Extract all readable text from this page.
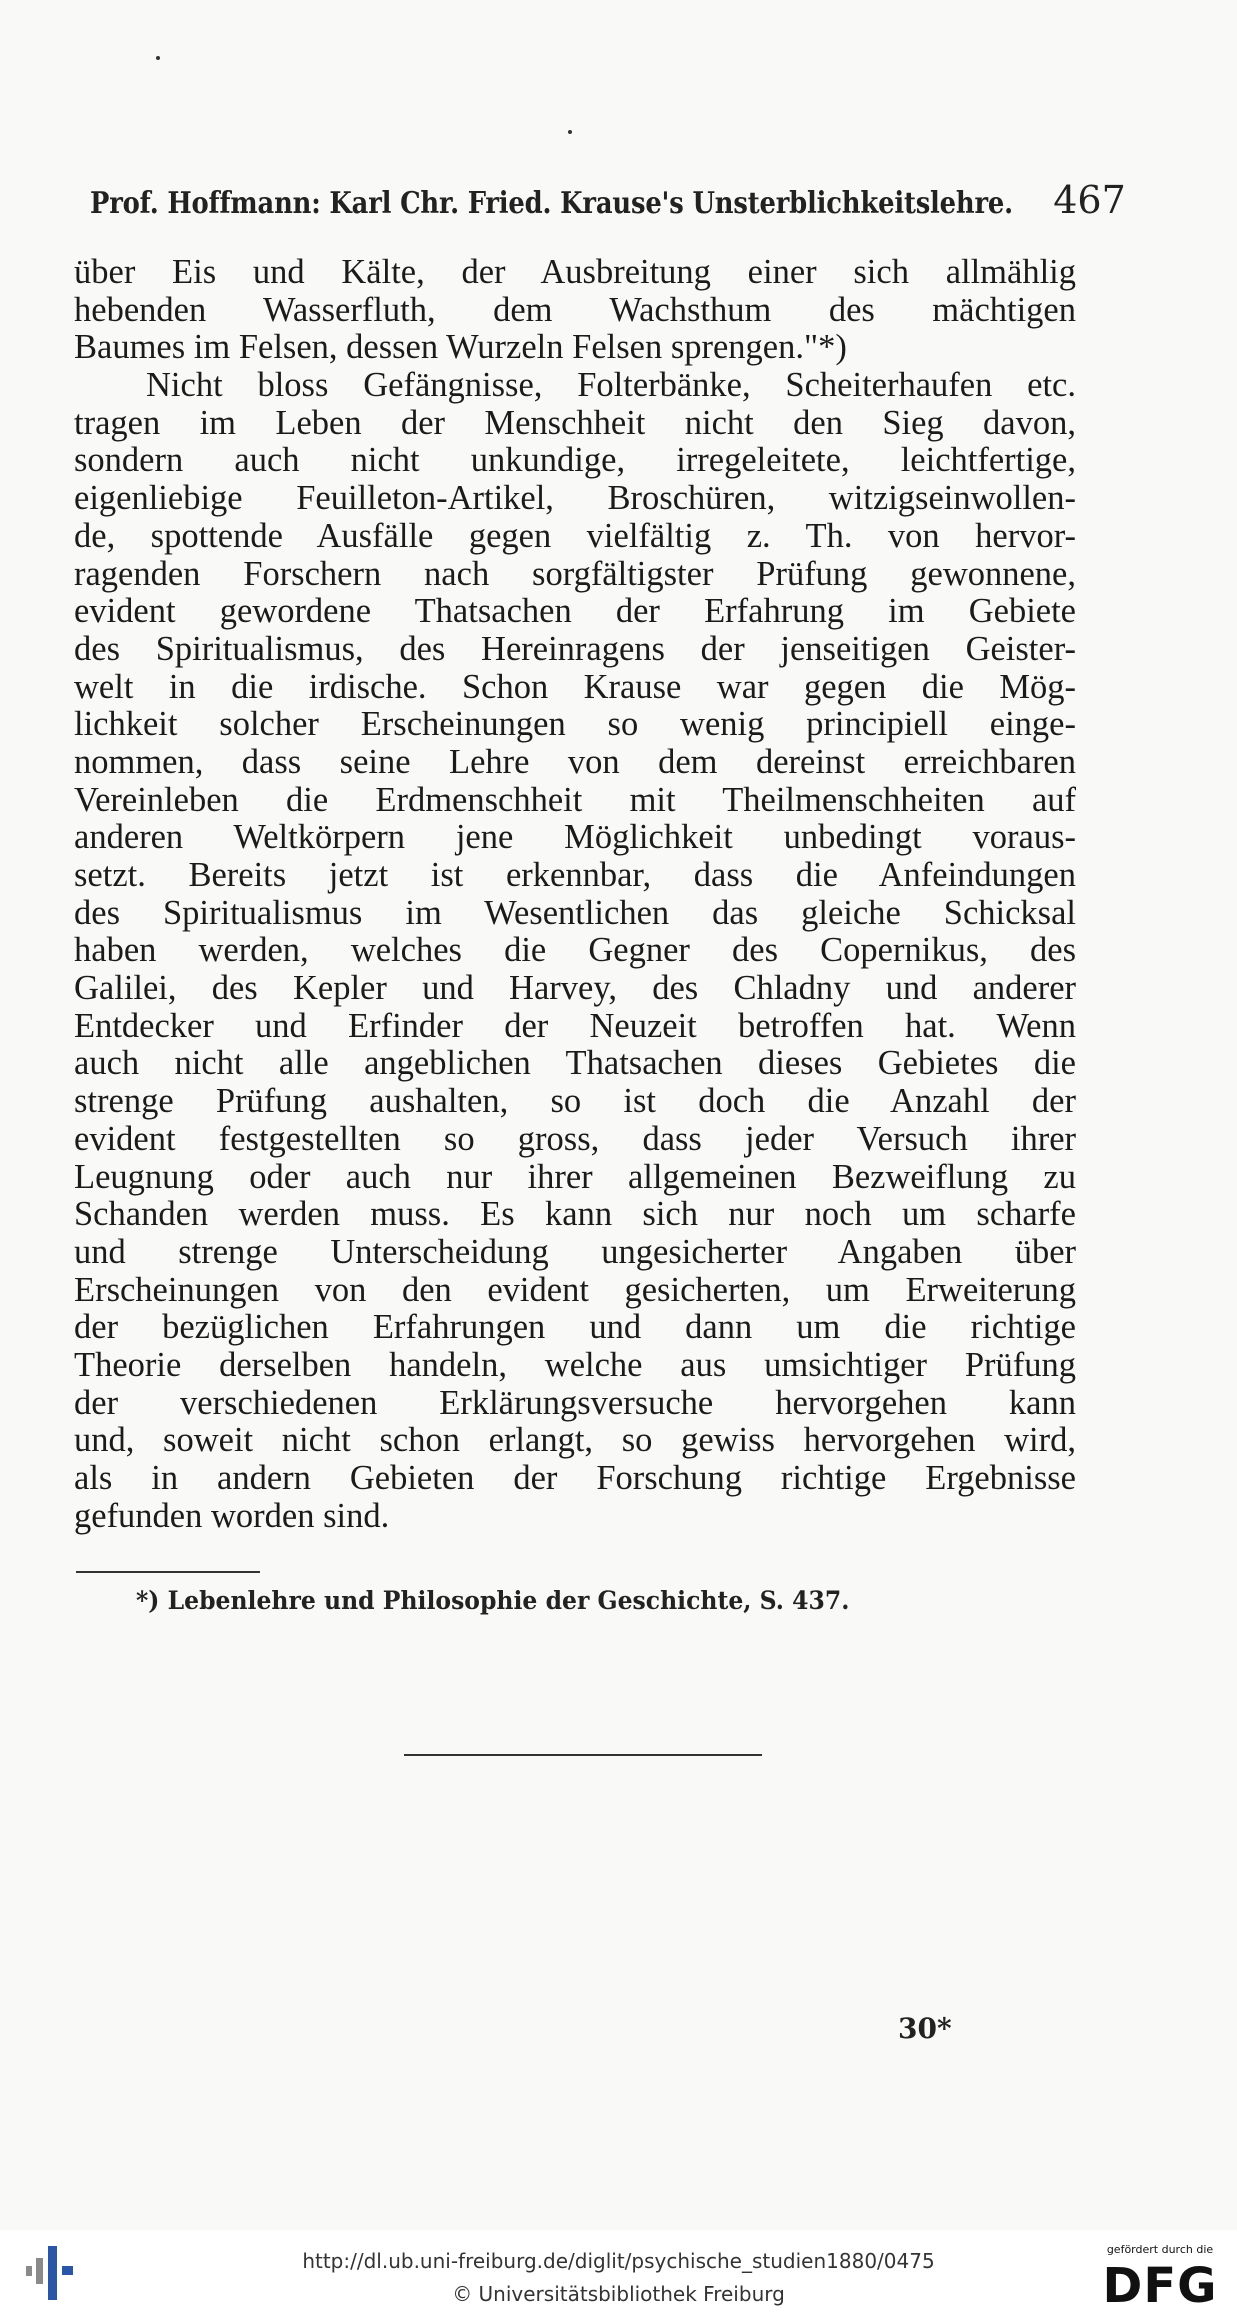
Prof. Hoffmann: Karl Chr. Fried. Krause's Unsterblichkeitslehre. 467
über Eis und Kälte, der Ausbreitung einer sich allmählig
hebenden Wasserfluth, dem Wachsthum des mächtigen
Baumes im Felsen, dessen Wurzeln Felsen sprengen."*)
Nicht bloss Gefängnisse, Folterbänke, Scheiterhaufen etc.
tragen im Leben der Menschheit nicht den Sieg davon,
sondern auch nicht unkundige, irregeleitete, leichtfertige,
eigenliebige Feuilleton-Artikel, Broschüren, witzigseinwollen-
de, spottende Ausfälle gegen vielfältig z. Th. von hervor-
ragenden Forschern nach sorgfältigster Prüfung gewonnene,
evident gewordene Thatsachen der Erfahrung im Gebiete
des Spiritualismus, des Hereinragens der jenseitigen Geister-
welt in die irdische. Schon Krause war gegen die Mög-
lichkeit solcher Erscheinungen so wenig principiell einge-
nommen, dass seine Lehre von dem dereinst erreichbaren
Vereinleben die Erdmenschheit mit Theilmenschheiten auf
anderen Weltkörpern jene Möglichkeit unbedingt voraus-
setzt. Bereits jetzt ist erkennbar, dass die Anfeindungen
des Spiritualismus im Wesentlichen das gleiche Schicksal
haben werden, welches die Gegner des Copernikus, des
Galilei, des Kepler und Harvey, des Chladny und anderer
Entdecker und Erfinder der Neuzeit betroffen hat. Wenn
auch nicht alle angeblichen Thatsachen dieses Gebietes die
strenge Prüfung aushalten, so ist doch die Anzahl der
evident festgestellten so gross, dass jeder Versuch ihrer
Leugnung oder auch nur ihrer allgemeinen Bezweiflung zu
Schanden werden muss. Es kann sich nur noch um scharfe
und strenge Unterscheidung ungesicherter Angaben über
Erscheinungen von den evident gesicherten, um Erweiterung
der bezüglichen Erfahrungen und dann um die richtige
Theorie derselben handeln, welche aus umsichtiger Prüfung
der verschiedenen Erklärungsversuche hervorgehen kann
und, soweit nicht schon erlangt, so gewiss hervorgehen wird,
als in andern Gebieten der Forschung richtige Ergebnisse
gefunden worden sind.
*) Lebenlehre und Philosophie der Geschichte, S. 437.
30*
http://dl.ub.uni-freiburg.de/diglit/psychische_studien1880/0475
© Universitätsbibliothek Freiburg
gefördert durch die
DFG
